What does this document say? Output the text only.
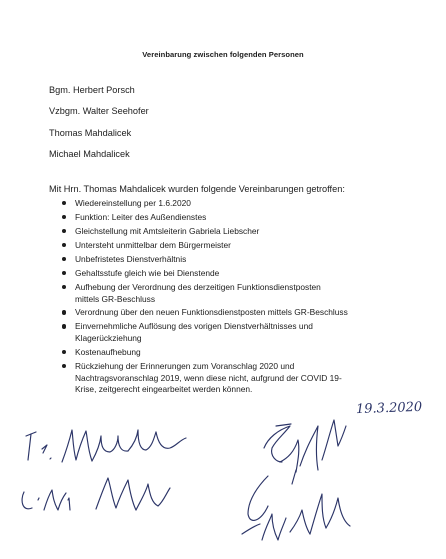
Vereinbarung zwischen folgenden Personen
Bgm. Herbert Porsch
Vzbgm. Walter Seehofer
Thomas Mahdalicek
Michael Mahdalicek
Mit Hrn. Thomas Mahdalicek wurden folgende Vereinbarungen getroffen:
Wiedereinstellung per 1.6.2020
Funktion: Leiter des Außendienstes
Gleichstellung mit Amtsleiterin Gabriela Liebscher
Untersteht unmittelbar dem Bürgermeister
Unbefristetes Dienstverhältnis
Gehaltsstufe gleich wie bei Dienstende
Aufhebung der Verordnung des derzeitigen Funktionsdienstposten
mittels GR-Beschluss
Verordnung über den neuen Funktionsdienstposten mittels GR-Beschluss
Einvernehmliche Auflösung des vorigen Dienstverhältnisses und
Klagerückziehung
Kostenaufhebung
Rückziehung der Erinnerungen zum Voranschlag 2020 und
Nachtragsvoranschlag 2019, wenn diese nicht, aufgrund der COVID 19-
Krise, zeitgerecht eingearbeitet werden können.
19.3.2020
